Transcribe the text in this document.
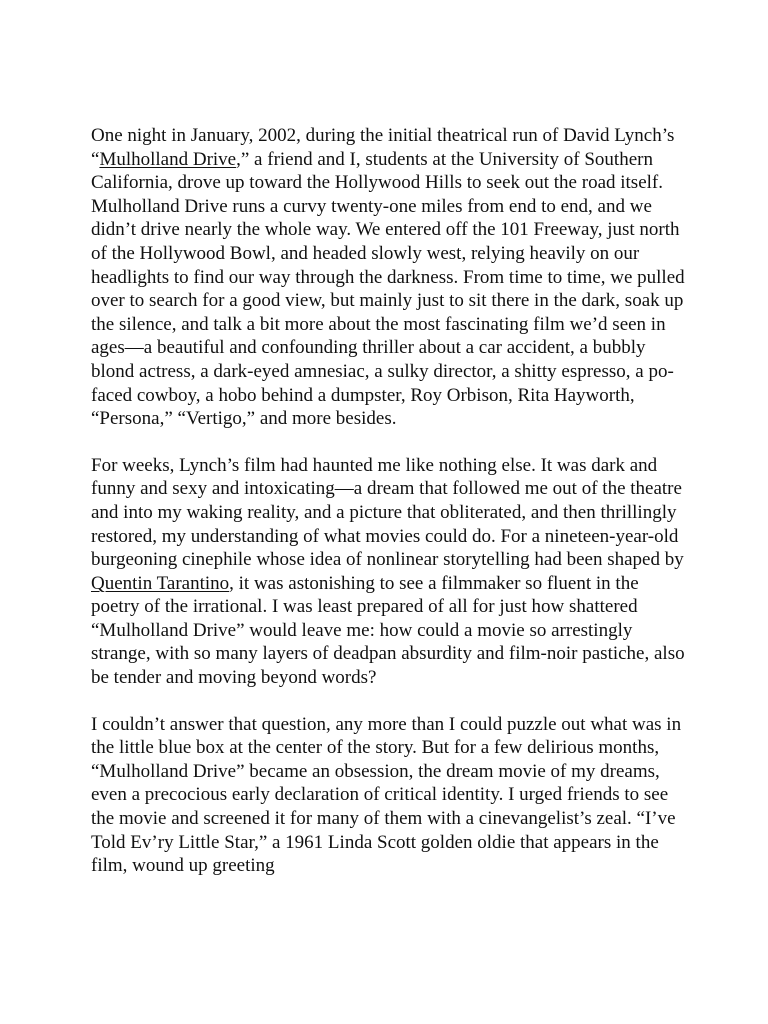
One night in January, 2002, during the initial theatrical run of David Lynch’s “Mulholland Drive,” a friend and I, students at the University of Southern California, drove up toward the Hollywood Hills to seek out the road itself. Mulholland Drive runs a curvy twenty-one miles from end to end, and we didn’t drive nearly the whole way. We entered off the 101 Freeway, just north of the Hollywood Bowl, and headed slowly west, relying heavily on our headlights to find our way through the darkness. From time to time, we pulled over to search for a good view, but mainly just to sit there in the dark, soak up the silence, and talk a bit more about the most fascinating film we’d seen in ages—a beautiful and confounding thriller about a car accident, a bubbly blond actress, a dark-eyed amnesiac, a sulky director, a shitty espresso, a po-faced cowboy, a hobo behind a dumpster, Roy Orbison, Rita Hayworth, “Persona,” “Vertigo,” and more besides.

For weeks, Lynch’s film had haunted me like nothing else. It was dark and funny and sexy and intoxicating—a dream that followed me out of the theatre and into my waking reality, and a picture that obliterated, and then thrillingly restored, my understanding of what movies could do. For a nineteen-year-old burgeoning cinephile whose idea of nonlinear storytelling had been shaped by Quentin Tarantino, it was astonishing to see a filmmaker so fluent in the poetry of the irrational. I was least prepared of all for just how shattered “Mulholland Drive” would leave me: how could a movie so arrestingly strange, with so many layers of deadpan absurdity and film-noir pastiche, also be tender and moving beyond words?

I couldn’t answer that question, any more than I could puzzle out what was in the little blue box at the center of the story. But for a few delirious months, “Mulholland Drive” became an obsession, the dream movie of my dreams, even a precocious early declaration of critical identity. I urged friends to see the movie and screened it for many of them with a cinevangelist’s zeal. “I’ve Told Ev’ry Little Star,” a 1961 Linda Scott golden oldie that appears in the film, wound up greeting
